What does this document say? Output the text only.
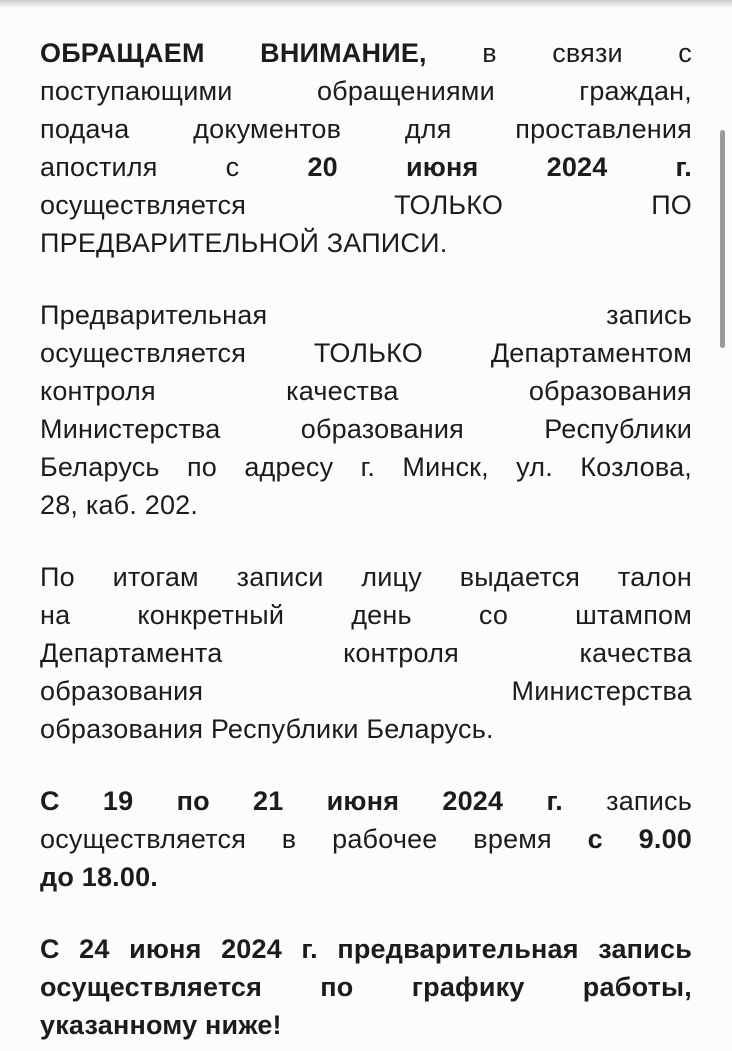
ОБРАЩАЕМ ВНИМАНИЕ, в связи с
поступающими обращениями граждан,
подача документов для проставления
апостиля с	20 июня 2024 г.
осуществляется ТОЛЬКО ПО
ПРЕДВАРИТЕЛЬНОЙ ЗАПИСИ.
Предварительная запись
осуществляется ТОЛЬКО Департаментом
контроля качества образования
Министерства образования Республики
Беларусь по адресу г. Минск, ул. Козлова,
28, каб. 202.
По итогам записи лицу выдается талон
на конкретный день со штампом
Департамента контроля качества
образования Министерства
образования Республики Беларусь.
С 19 по 21 июня 2024 г. запись
осуществляется в рабочее время с 9.00
до 18.00.
С 24 июня 2024 г. предварительная запись
осуществляется по графику работы,
указанному ниже!
